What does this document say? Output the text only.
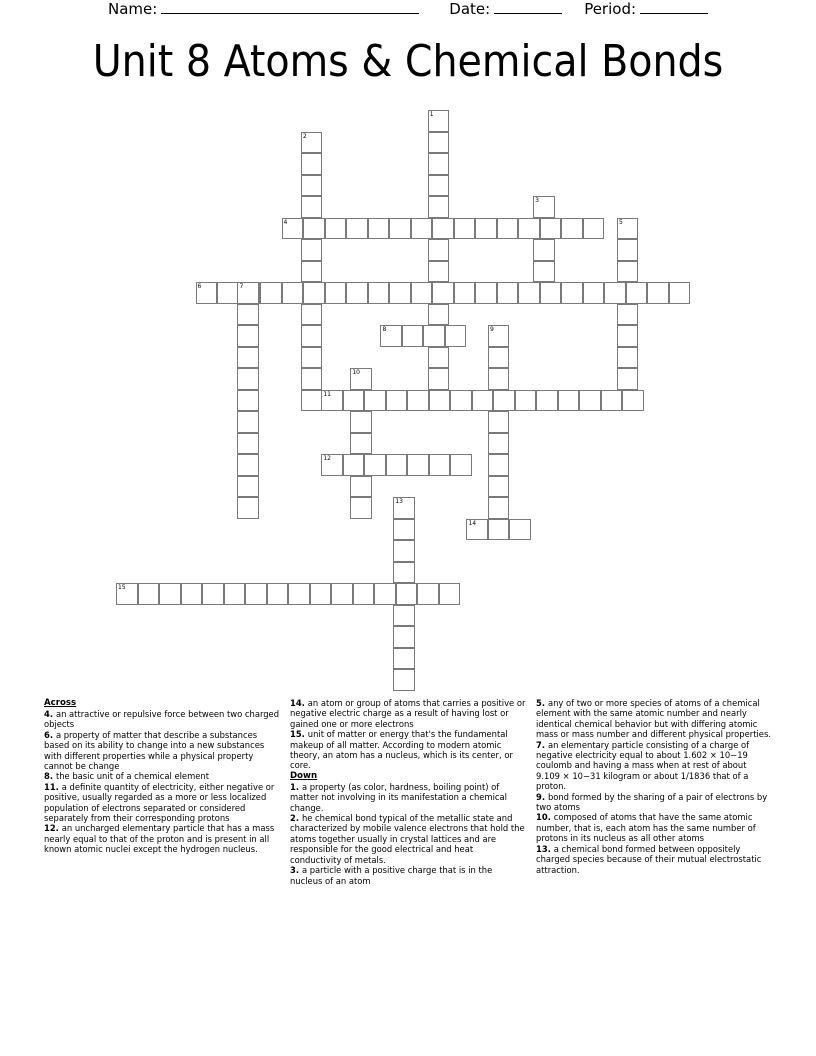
Name:	Date:	Period:
Unit 8 Atoms & Chemical Bonds
1
2
3
4	5
6	7
8	9
10
11
12
13
14
15
Across

4. an attractive or repulsive force between two charged objects

6. a property of matter that describe a substances based on its ability to change into a new substances with different properties while a physical property cannot be change

8. the basic unit of a chemical element

11. a definite quantity of electricity, either negative or positive, usually regarded as a more or less localized population of electrons separated or considered separately from their corresponding protons

12. an uncharged elementary particle that has a mass nearly equal to that of the proton and is present in all known atomic nuclei except the hydrogen nucleus.

14. an atom or group of atoms that carries a positive or negative electric charge as a result of having lost or gained one or more electrons

15. unit of matter or energy that's the fundamental makeup of all matter. According to modern atomic theory, an atom has a nucleus, which is its center, or core.

Down

1. a property (as color, hardness, boiling point) of matter not involving in its manifestation a chemical change.

2. he chemical bond typical of the metallic state and characterized by mobile valence electrons that hold the atoms together usually in crystal lattices and are responsible for the good electrical and heat conductivity of metals.

3. a particle with a positive charge that is in the nucleus of an atom

5. any of two or more species of atoms of a chemical element with the same atomic number and nearly identical chemical behavior but with differing atomic mass or mass number and different physical properties.

7. an elementary particle consisting of a charge of negative electricity equal to about 1.602 × 10−19 coulomb and having a mass when at rest of about 9.109 × 10−31 kilogram or about 1/1836 that of a proton.

9. bond formed by the sharing of a pair of electrons by two atoms

10. composed of atoms that have the same atomic number, that is, each atom has the same number of protons in its nucleus as all other atoms

13. a chemical bond formed between oppositely charged species because of their mutual electrostatic attraction.
